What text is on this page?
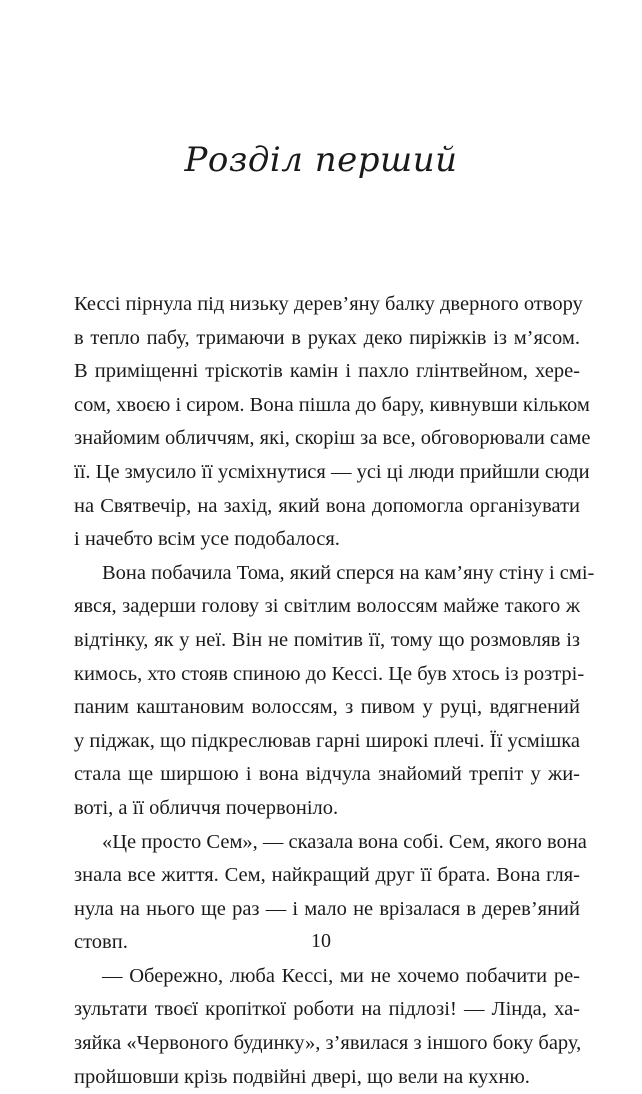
Розділ перший
Кессі пірнула під низьку дерев’яну балку дверного отвору
в тепло пабу, тримаючи в руках деко пиріжків із м’ясом.
В приміщенні тріскотів камін і пахло глінтвейном, хере-
сом, хвоєю і сиром. Вона пішла до бару, кивнувши кільком
знайомим обличчям, які, скоріш за все, обговорювали саме
її. Це змусило її усміхнутися — усі ці люди прийшли сюди
на Святвечір, на захід, який вона допомогла організувати
і начебто всім усе подобалося.
Вона побачила Тома, який сперся на кам’яну стіну і смі-
явся, задерши голову зі світлим волоссям майже такого ж
відтінку, як у неї. Він не помітив її, тому що розмовляв із
кимось, хто стояв спиною до Кессі. Це був хтось із розтрі-
паним каштановим волоссям, з пивом у руці, вдягнений
у піджак, що підкреслював гарні широкі плечі. Її усмішка
стала ще ширшою і вона відчула знайомий трепіт у жи-
воті, а її обличчя почервоніло.
«Це просто Сем», — сказала вона собі. Сем, якого вона
знала все життя. Сем, найкращий друг її брата. Вона гля-
нула на нього ще раз — і мало не врізалася в дерев’яний
стовп.
— Обережно, люба Кессі, ми не хочемо побачити ре-
зультати твоєї кропіткої роботи на підлозі! — Лінда, ха-
зяйка «Червоного будинку», з’явилася з іншого боку бару,
пройшовши крізь подвійні двері, що вели на кухню.
10
